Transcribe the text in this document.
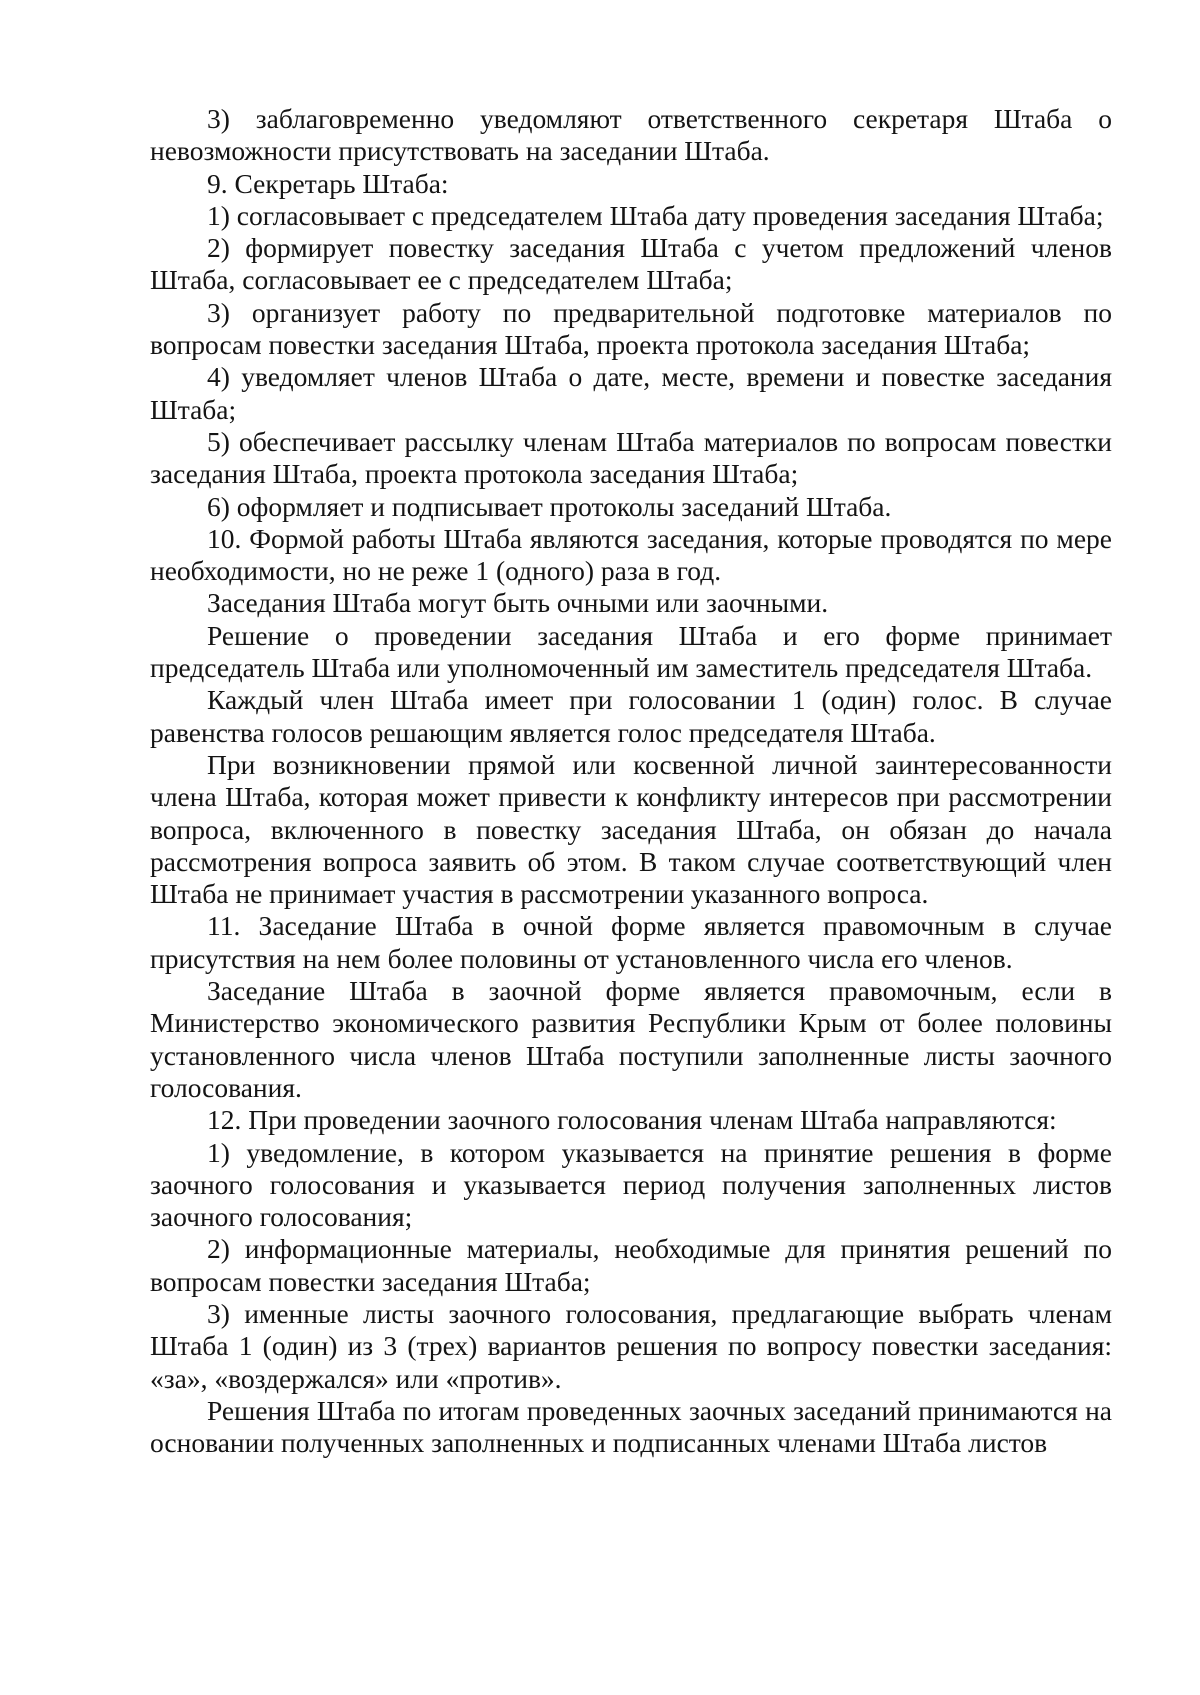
3) заблаговременно уведомляют ответственного секретаря Штаба о невозможности присутствовать на заседании Штаба.

9. Секретарь Штаба:

1) согласовывает с председателем Штаба дату проведения заседания Штаба;

2) формирует повестку заседания Штаба с учетом предложений членов Штаба, согласовывает ее с председателем Штаба;

3) организует работу по предварительной подготовке материалов по вопросам повестки заседания Штаба, проекта протокола заседания Штаба;

4) уведомляет членов Штаба о дате, месте, времени и повестке заседания Штаба;

5) обеспечивает рассылку членам Штаба материалов по вопросам повестки заседания Штаба, проекта протокола заседания Штаба;

6) оформляет и подписывает протоколы заседаний Штаба.

10. Формой работы Штаба являются заседания, которые проводятся по мере необходимости, но не реже 1 (одного) раза в год.

Заседания Штаба могут быть очными или заочными.

Решение о проведении заседания Штаба и его форме принимает председатель Штаба или уполномоченный им заместитель председателя Штаба.

Каждый член Штаба имеет при голосовании 1 (один) голос. В случае равенства голосов решающим является голос председателя Штаба.

При возникновении прямой или косвенной личной заинтересованности члена Штаба, которая может привести к конфликту интересов при рассмотрении вопроса, включенного в повестку заседания Штаба, он обязан до начала рассмотрения вопроса заявить об этом. В таком случае соответствующий член Штаба не принимает участия в рассмотрении указанного вопроса.

11. Заседание Штаба в очной форме является правомочным в случае присутствия на нем более половины от установленного числа его членов.

Заседание Штаба в заочной форме является правомочным, если в Министерство экономического развития Республики Крым от более половины установленного числа членов Штаба поступили заполненные листы заочного голосования.

12. При проведении заочного голосования членам Штаба направляются:

1) уведомление, в котором указывается на принятие решения в форме заочного голосования и указывается период получения заполненных листов заочного голосования;

2) информационные материалы, необходимые для принятия решений по вопросам повестки заседания Штаба;

3) именные листы заочного голосования, предлагающие выбрать членам Штаба 1 (один) из 3 (трех) вариантов решения по вопросу повестки заседания: «за», «воздержался» или «против».

Решения Штаба по итогам проведенных заочных заседаний принимаются на основании полученных заполненных и подписанных членами Штаба листов
